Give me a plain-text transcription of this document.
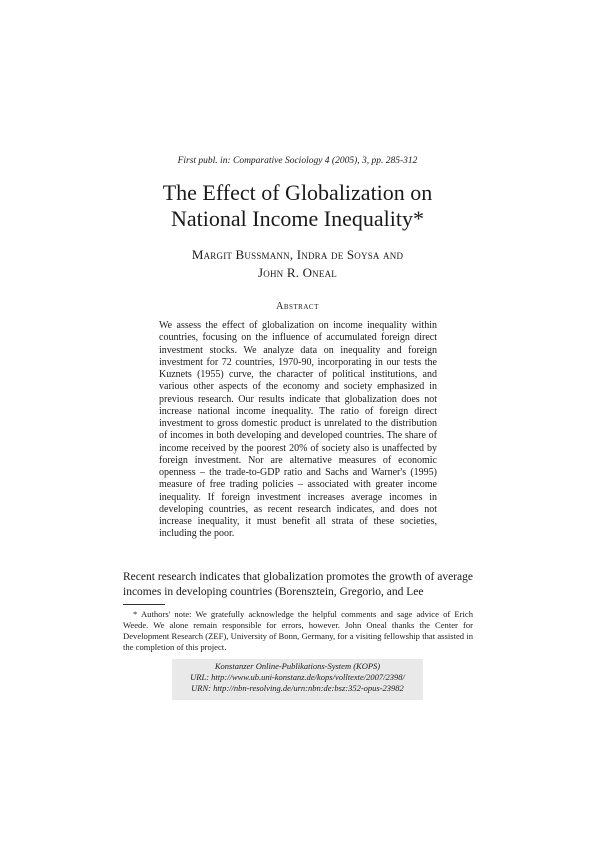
First publ. in: Comparative Sociology 4 (2005), 3, pp. 285-312
The Effect of Globalization on
National Income Inequality*
Margit Bussmann, Indra de Soysa and
John R. Oneal
Abstract

We assess the effect of globalization on income inequality within countries, focusing on the influence of accumulated foreign direct investment stocks. We analyze data on inequality and foreign investment for 72 countries, 1970-90, incorporating in our tests the Kuznets (1955) curve, the character of political institutions, and various other aspects of the economy and society emphasized in previous research. Our results indicate that globalization does not increase national income inequality. The ratio of foreign direct investment to gross domestic product is unrelated to the distribution of incomes in both developing and developed countries. The share of income received by the poorest 20% of society also is unaffected by foreign investment. Nor are alternative measures of economic openness – the trade-to-GDP ratio and Sachs and Warner's (1995) measure of free trading policies – associated with greater income inequality. If foreign investment increases average incomes in developing countries, as recent research indicates, and does not increase inequality, it must benefit all strata of these societies, including the poor.

Recent research indicates that globalization promotes the growth of average incomes in developing countries (Borensztein, Gregorio, and Lee

* Authors' note: We gratefully acknowledge the helpful comments and sage advice of Erich Weede. We alone remain responsible for errors, however. John Oneal thanks the Center for Development Research (ZEF), University of Bonn, Germany, for a visiting fellowship that assisted in the completion of this project.

Konstanzer Online-Publikations-System (KOPS)
URL: http://www.ub.uni-konstanz.de/kops/volltexte/2007/2398/
URN: http://nbn-resolving.de/urn:nbn:de:bsz:352-opus-23982
